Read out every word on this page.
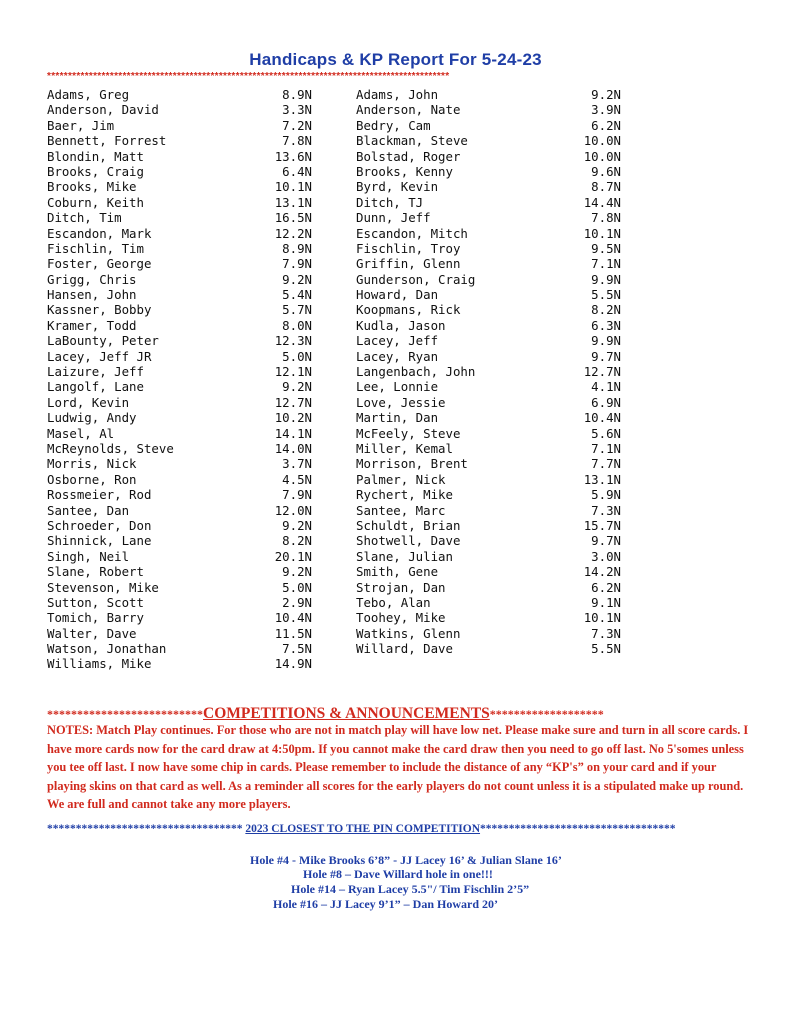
Handicaps & KP Report For 5-24-23
************************************************************************************************
Adams, Greg	8.9N
Anderson, David	3.3N
Baer, Jim	7.2N
Bennett, Forrest	7.8N
Blondin, Matt	13.6N
Brooks, Craig	6.4N
Brooks, Mike	10.1N
Coburn, Keith	13.1N
Ditch, Tim	16.5N
Escandon, Mark	12.2N
Fischlin, Tim	8.9N
Foster, George	7.9N
Grigg, Chris	9.2N
Hansen, John	5.4N
Kassner, Bobby	5.7N
Kramer, Todd	8.0N
LaBounty, Peter	12.3N
Lacey, Jeff JR	5.0N
Laizure, Jeff	12.1N
Langolf, Lane	9.2N
Lord, Kevin	12.7N
Ludwig, Andy	10.2N
Masel, Al	14.1N
McReynolds, Steve	14.0N
Morris, Nick	3.7N
Osborne, Ron	4.5N
Rossmeier, Rod	7.9N
Santee, Dan	12.0N
Schroeder, Don	9.2N
Shinnick, Lane	8.2N
Singh, Neil	20.1N
Slane, Robert	9.2N
Stevenson, Mike	5.0N
Sutton, Scott	2.9N
Tomich, Barry	10.4N
Walter, Dave	11.5N
Watson, Jonathan	7.5N
Williams, Mike	14.9N
Adams, John	9.2N
Anderson, Nate	3.9N
Bedry, Cam	6.2N
Blackman, Steve	10.0N
Bolstad, Roger	10.0N
Brooks, Kenny	9.6N
Byrd, Kevin	8.7N
Ditch, TJ	14.4N
Dunn, Jeff	7.8N
Escandon, Mitch	10.1N
Fischlin, Troy	9.5N
Griffin, Glenn	7.1N
Gunderson, Craig	9.9N
Howard, Dan	5.5N
Koopmans, Rick	8.2N
Kudla, Jason	6.3N
Lacey, Jeff	9.9N
Lacey, Ryan	9.7N
Langenbach, John	12.7N
Lee, Lonnie	4.1N
Love, Jessie	6.9N
Martin, Dan	10.4N
McFeely, Steve	5.6N
Miller, Kemal	7.1N
Morrison, Brent	7.7N
Palmer, Nick	13.1N
Rychert, Mike	5.9N
Santee, Marc	7.3N
Schuldt, Brian	15.7N
Shotwell, Dave	9.7N
Slane, Julian	3.0N
Smith, Gene	14.2N
Strojan, Dan	6.2N
Tebo, Alan	9.1N
Toohey, Mike	10.1N
Watkins, Glenn	7.3N
Willard, Dave	5.5N
**************************COMPETITIONS & ANNOUNCEMENTS*******************
NOTES: Match Play continues. For those who are not in match play will have low net. Please make sure and turn in all score cards. I have more cards now for the card draw at 4:50pm. If you cannot make the card draw then you need to go off last. No 5'somes unless you tee off last. I now have some chip in cards. Please remember to include the distance of any “KP's” on your card and if your playing skins on that card as well. As a reminder all scores for the early players do not count unless it is a stipulated make up round. We are full and cannot take any more players.
********************************** 2023 CLOSEST TO THE PIN COMPETITION**********************************
Hole #4 - Mike Brooks 6’8” - JJ Lacey 16’ & Julian Slane 16’
Hole #8 – Dave Willard hole in one!!!
Hole #14 – Ryan Lacey 5.5"/ Tim Fischlin 2’5”
Hole #16 – JJ Lacey 9’1” – Dan Howard 20’
